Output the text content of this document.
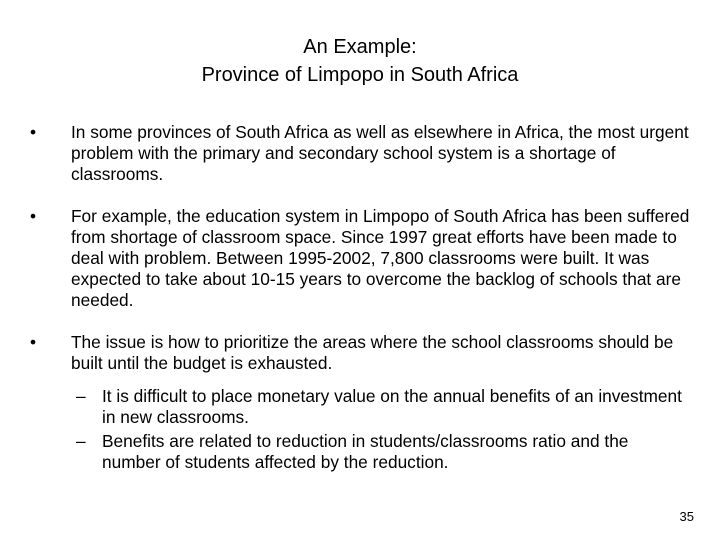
An Example:
Province of Limpopo in South Africa
•	In some provinces of South Africa as well as elsewhere in Africa, the most urgent problem with the primary and secondary school system is a shortage of classrooms.
•	For example, the education system in Limpopo of South Africa has been suffered from shortage of classroom space. Since 1997 great efforts have been made to deal with problem. Between 1995-2002, 7,800 classrooms were built. It was expected to take about 10-15 years to overcome the backlog of schools that are needed.
•	The issue is how to prioritize the areas where the school classrooms should be built until the budget is exhausted.
– It is difficult to place monetary value on the annual benefits of an investment in new classrooms.
– Benefits are related to reduction in students/classrooms ratio and the number of students affected by the reduction.
35
